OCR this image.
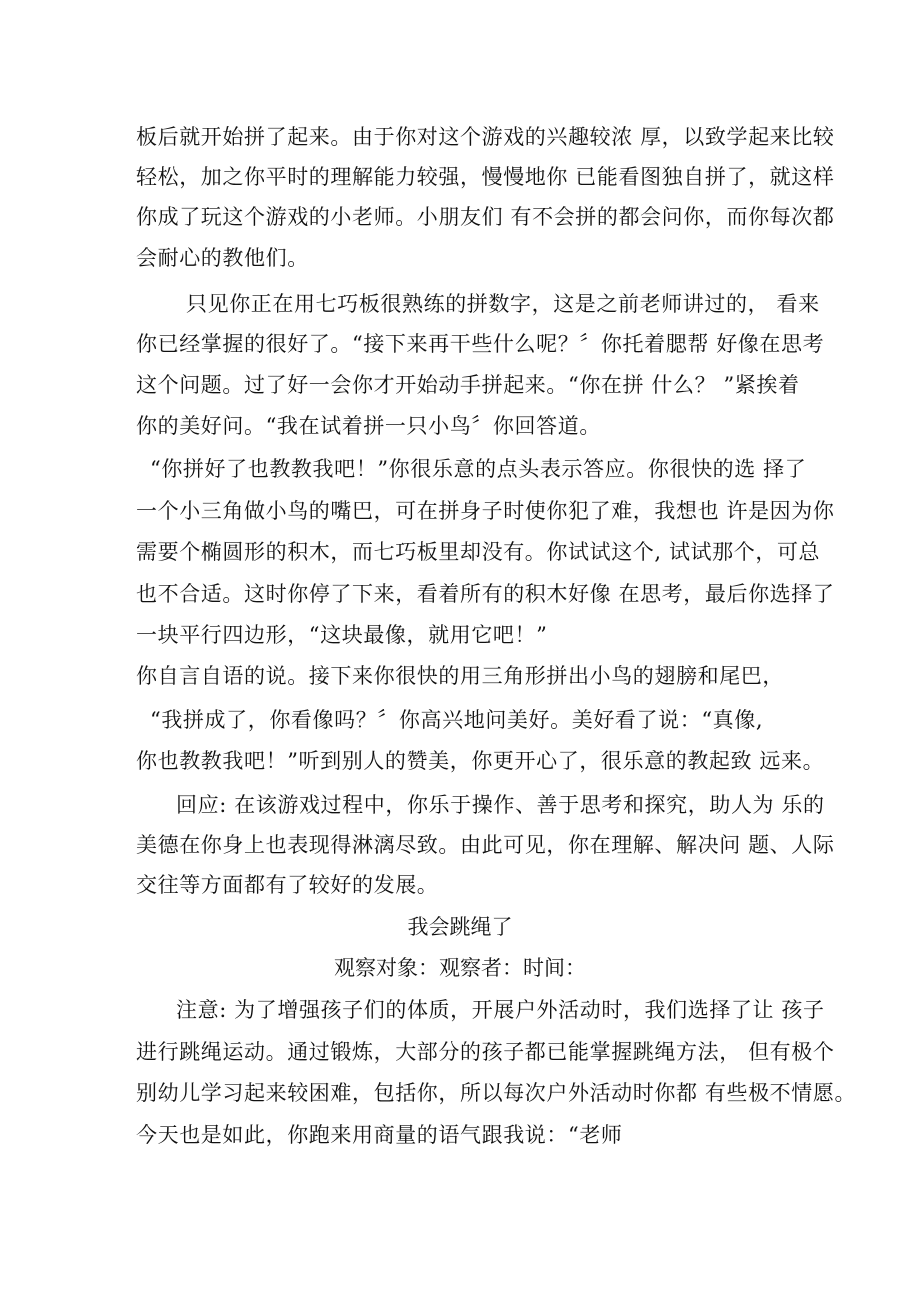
板后就开始拼了起来。由于你对这个游戏的兴趣较浓 厚，以致学起来比较
轻松，加之你平时的理解能力较强，慢慢地你 已能看图独自拼了，就这样
你成了玩这个游戏的小老师。小朋友们 有不会拼的都会问你，而你每次都
会耐心的教他们。
只见你正在用七巧板很熟练的拼数字，这是之前老师讲过的， 看来
你已经掌握的很好了。“接下来再干些什么呢？〞你托着腮帮 好像在思考
这个问题。过了好一会你才开始动手拼起来。“你在拼 什么？ ”紧挨着
你的美好问。“我在试着拼一只小鸟〞你回答道。
“你拼好了也教教我吧！”你很乐意的点头表示答应。你很快的选 择了
一个小三角做小鸟的嘴巴，可在拼身子时使你犯了难，我想也 许是因为你
需要个椭圆形的积木，而七巧板里却没有。你试试这个, 试试那个，可总
也不合适。这时你停了下来，看着所有的积木好像 在思考，最后你选择了
一块平行四边形，“这块最像，就用它吧！”
你自言自语的说。接下来你很快的用三角形拼出小鸟的翅膀和尾巴，
“我拼成了，你看像吗？〞你高兴地问美好。美好看了说：“真像,
你也教教我吧！”听到别人的赞美，你更开心了，很乐意的教起致 远来。
回应: 在该游戏过程中，你乐于操作、善于思考和探究，助人为 乐的
美德在你身上也表现得淋漓尽致。由此可见，你在理解、解决问 题、人际
交往等方面都有了较好的发展。
我会跳绳了
观察对象：观察者：时间：
注意: 为了增强孩子们的体质，开展户外活动时，我们选择了让 孩子
进行跳绳运动。通过锻炼，大部分的孩子都已能掌握跳绳方法， 但有极个
别幼儿学习起来较困难，包括你，所以每次户外活动时你都 有些极不情愿。
今天也是如此，你跑来用商量的语气跟我说：“老师
